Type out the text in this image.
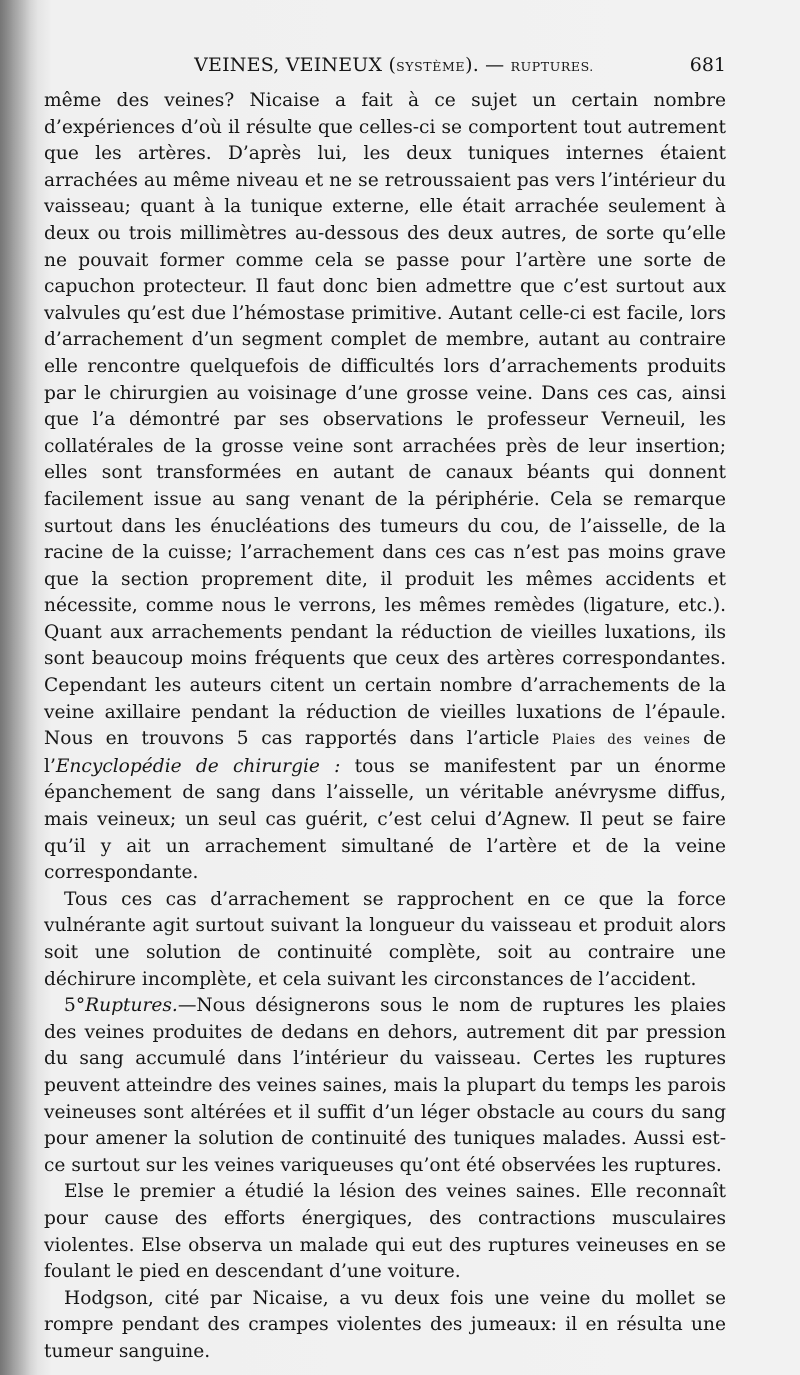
VEINES, VEINEUX (SYSTÈME). — RUPTURES.	681

même des veines? Nicaise a fait à ce sujet un certain nombre d’expériences d’où il résulte que celles-ci se comportent tout autrement que les artères. D’après lui, les deux tuniques internes étaient arrachées au même niveau et ne se retroussaient pas vers l’intérieur du vaisseau; quant à la tunique externe, elle était arrachée seulement à deux ou trois millimètres au-dessous des deux autres, de sorte qu’elle ne pouvait former comme cela se passe pour l’artère une sorte de capuchon protecteur. Il faut donc bien admettre que c’est surtout aux valvules qu’est due l’hémostase primitive. Autant celle-ci est facile, lors d’arrachement d’un segment complet de membre, autant au contraire elle rencontre quelquefois de difficultés lors d’arrachements produits par le chirurgien au voisinage d’une grosse veine. Dans ces cas, ainsi que l’a démontré par ses observations le professeur Verneuil, les collatérales de la grosse veine sont arrachées près de leur insertion; elles sont transformées en autant de canaux béants qui donnent facilement issue au sang venant de la périphérie. Cela se remarque surtout dans les énucléations des tumeurs du cou, de l’aisselle, de la racine de la cuisse; l’arrachement dans ces cas n’est pas moins grave que la section proprement dite, il produit les mêmes accidents et nécessite, comme nous le verrons, les mêmes remèdes (ligature, etc.). Quant aux arrachements pendant la réduction de vieilles luxations, ils sont beaucoup moins fréquents que ceux des artères correspondantes. Cependant les auteurs citent un certain nombre d’arrachements de la veine axillaire pendant la réduction de vieilles luxations de l’épaule. Nous en trouvons 5 cas rapportés dans l’article Plaies des veines de l’Encyclopédie de chirurgie : tous se manifestent par un énorme épanchement de sang dans l’aisselle, un véritable anévrysme diffus, mais veineux; un seul cas guérit, c’est celui d’Agnew. Il peut se faire qu’il y ait un arrachement simultané de l’artère et de la veine correspondante.

Tous ces cas d’arrachement se rapprochent en ce que la force vulnérante agit surtout suivant la longueur du vaisseau et produit alors soit une solution de continuité complète, soit au contraire une déchirure incomplète, et cela suivant les circonstances de l’accident.

5°Ruptures.—Nous désignerons sous le nom de ruptures les plaies des veines produites de dedans en dehors, autrement dit par pression du sang accumulé dans l’intérieur du vaisseau. Certes les ruptures peuvent atteindre des veines saines, mais la plupart du temps les parois veineuses sont altérées et il suffit d’un léger obstacle au cours du sang pour amener la solution de continuité des tuniques malades. Aussi est-ce surtout sur les veines variqueuses qu’ont été observées les ruptures.

Else le premier a étudié la lésion des veines saines. Elle reconnaît pour cause des efforts énergiques, des contractions musculaires violentes. Else observa un malade qui eut des ruptures veineuses en se foulant le pied en descendant d’une voiture.

Hodgson, cité par Nicaise, a vu deux fois une veine du mollet se rompre pendant des crampes violentes des jumeaux: il en résulta une tumeur sanguine.
